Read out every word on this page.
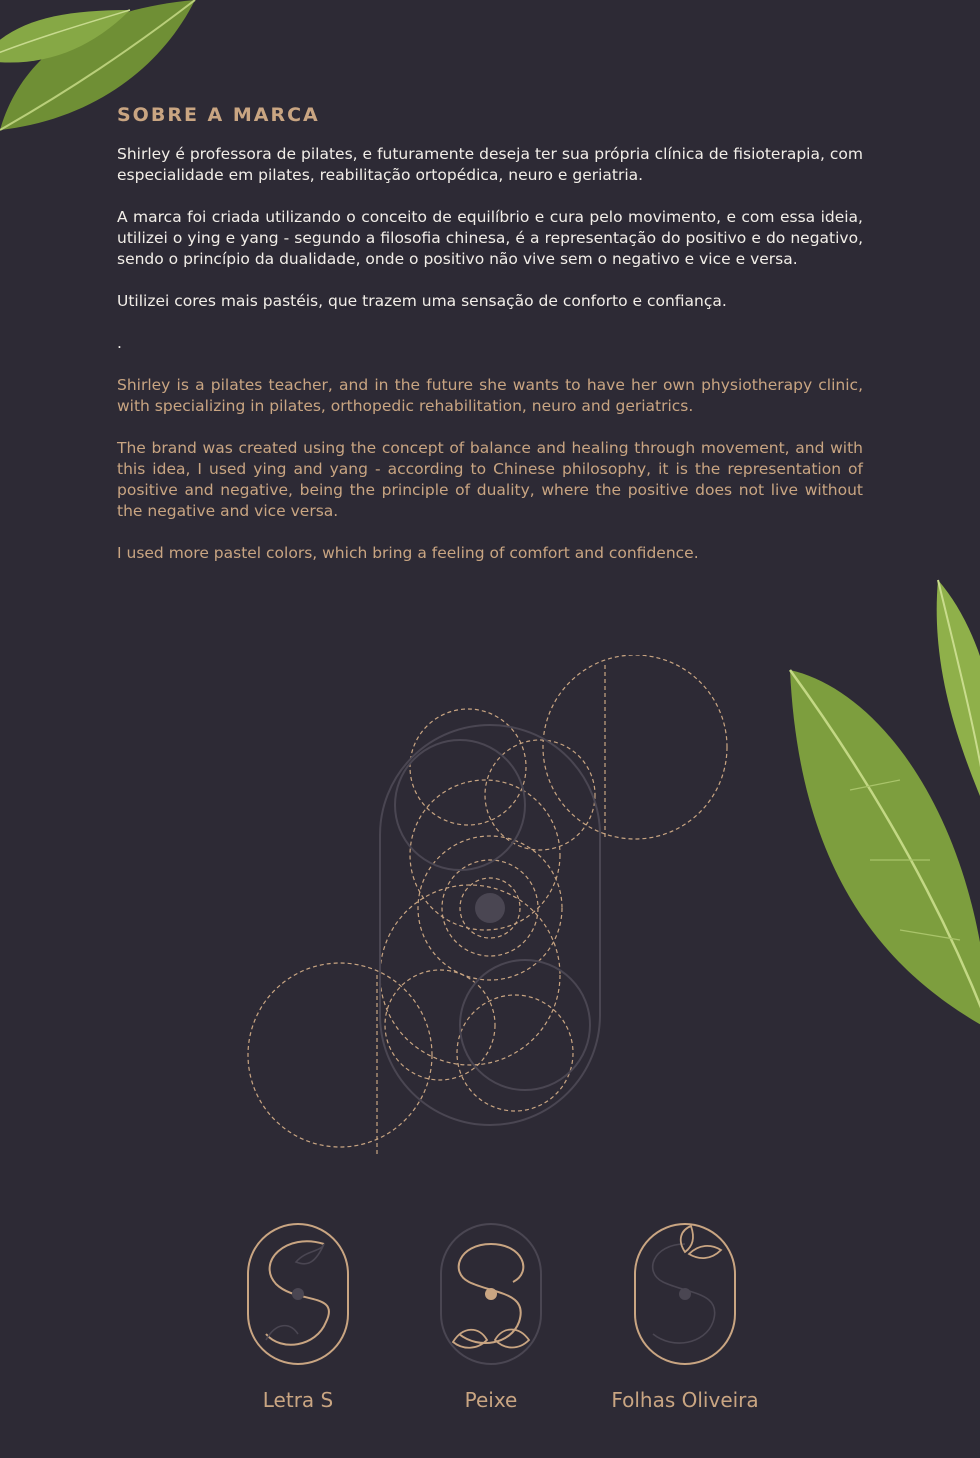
SOBRE A MARCA

Shirley é professora de pilates, e futuramente deseja ter sua própria clínica de fisioterapia, com especialidade em pilates, reabilitação ortopédica, neuro e geriatria.

A marca foi criada utilizando o conceito de equilíbrio e cura pelo movimento, e com essa ideia, utilizei o ying e yang - segundo a filosofia chinesa, é a representação do positivo e do negativo, sendo o princípio da dualidade, onde o positivo não vive sem o negativo e vice e versa.

Utilizei cores mais pastéis, que trazem uma sensação de conforto e confiança.

.

Shirley is a pilates teacher, and in the future she wants to have her own physiotherapy clinic, with specializing in pilates, orthopedic rehabilitation, neuro and geriatrics.

The brand was created using the concept of balance and healing through movement, and with this idea, I used ying and yang - according to Chinese philosophy, it is the representation of positive and negative, being the principle of duality, where the positive does not live without the negative and vice versa.

I used more pastel colors, which bring a feeling of comfort and confidence.

Letra S	Peixe	Folhas Oliveira
